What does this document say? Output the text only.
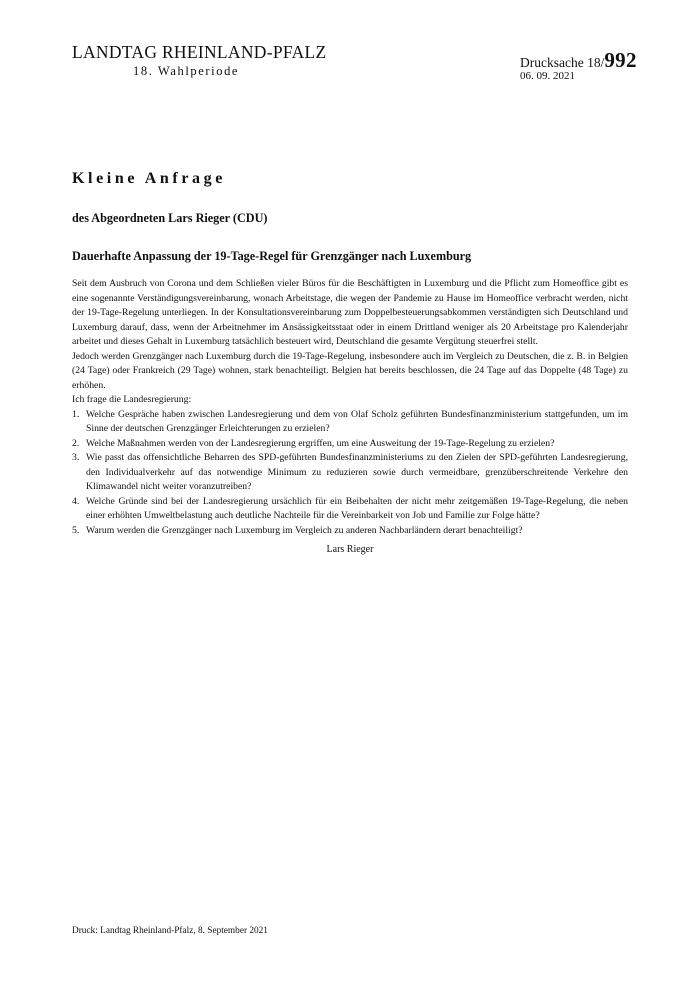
LANDTAG RHEINLAND-PFALZ
18. Wahlperiode
Drucksache 18/992
06. 09. 2021
Kleine Anfrage
des Abgeordneten Lars Rieger (CDU)
Dauerhafte Anpassung der 19-Tage-Regel für Grenzgänger nach Luxemburg

Seit dem Ausbruch von Corona und dem Schließen vieler Büros für die Beschäftigten in Luxemburg und die Pflicht zum Homeoffice gibt es eine sogenannte Verständigungsvereinbarung, wonach Arbeitstage, die wegen der Pandemie zu Hause im Homeoffice verbracht werden, nicht der 19-Tage-Regelung unterliegen. In der Konsultationsvereinbarung zum Doppelbesteuerungsabkommen verständigten sich Deutschland und Luxemburg darauf, dass, wenn der Arbeitnehmer im Ansässigkeitsstaat oder in einem Drittland weniger als 20 Arbeitstage pro Kalenderjahr arbeitet und dieses Gehalt in Luxemburg tatsächlich besteuert wird, Deutschland die gesamte Vergütung steuerfrei stellt.

Jedoch werden Grenzgänger nach Luxemburg durch die 19-Tage-Regelung, insbesondere auch im Vergleich zu Deutschen, die z. B. in Belgien (24 Tage) oder Frankreich (29 Tage) wohnen, stark benachteiligt. Belgien hat bereits beschlossen, die 24 Tage auf das Doppelte (48 Tage) zu erhöhen.

Ich frage die Landesregierung:

1. Welche Gespräche haben zwischen Landesregierung und dem von Olaf Scholz geführten Bundesfinanzministerium stattgefunden, um im Sinne der deutschen Grenzgänger Erleichterungen zu erzielen?
2. Welche Maßnahmen werden von der Landesregierung ergriffen, um eine Ausweitung der 19-Tage-Regelung zu erzielen?
3. Wie passt das offensichtliche Beharren des SPD-geführten Bundesfinanzministeriums zu den Zielen der SPD-geführten Landesregierung, den Individualverkehr auf das notwendige Minimum zu reduzieren sowie durch vermeidbare, grenzüberschreitende Verkehre den Klimawandel nicht weiter voranzutreiben?
4. Welche Gründe sind bei der Landesregierung ursächlich für ein Beibehalten der nicht mehr zeitgemäßen 19-Tage-Regelung, die neben einer erhöhten Umweltbelastung auch deutliche Nachteile für die Vereinbarkeit von Job und Familie zur Folge hätte?
5. Warum werden die Grenzgänger nach Luxemburg im Vergleich zu anderen Nachbarländern derart benachteiligt?
Lars Rieger
Druck: Landtag Rheinland-Pfalz, 8. September 2021
